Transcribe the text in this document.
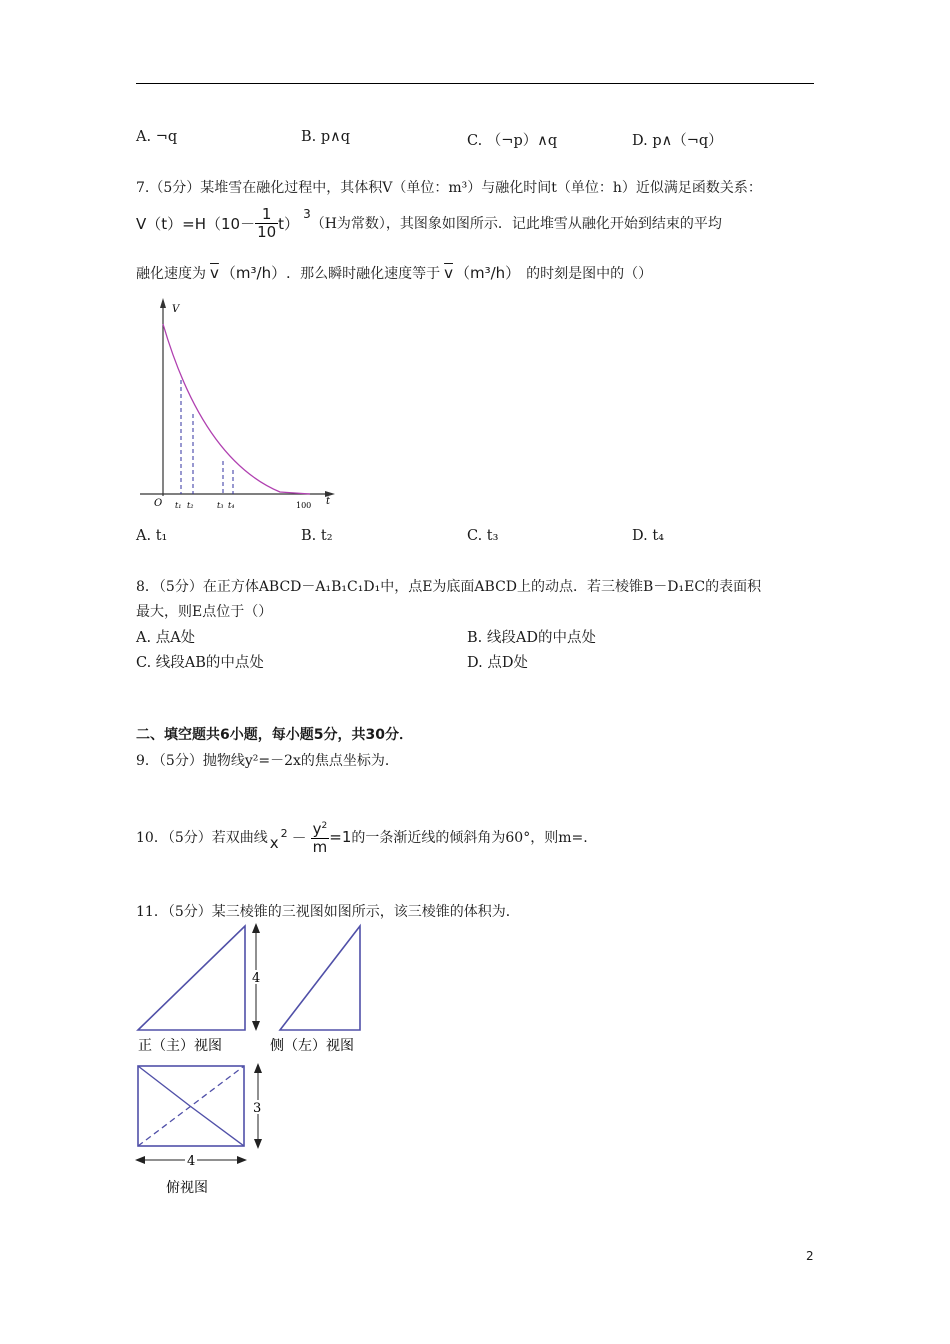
A. ¬q	B. p∧q	C. （¬p）∧q	D. p∧（¬q）
7.（5分）某堆雪在融化过程中，其体积V（单位：m³）与融化时间t（单位：h）近似满足函数关系：
$V(t)=H(10- \frac{1}{10} t)$
3
（H为常数），其图象如图所示．记此堆雪从融化开始到结束的平均
融化速度为 $\overline{v}$ （m³/h） ．那么瞬时融化速度等于 $\overline{v}$ （m³/h） 的时刻是图中的（）
V
t
O t₁ t₂	t₃ t₄	100
A. t₁	B. t₂	C. t₃	D. t₄
8．（5分）在正方体ABCD－A₁B₁C₁D₁中，点E为底面ABCD上的动点．若三棱锥B－D₁EC的表面积
最大，则E点位于（）
A. 点A处	B. 线段AD的中点处
C. 线段AB的中点处	D. 点D处
二、填空题共6小题，每小题5分，共30分．
9．（5分）抛物线y²=－2x的焦点坐标为．
10．（5分）若双曲线 x
$2 - \frac{y^2}{m} =1$ 的一条渐近线的倾斜角为60°，则m=.
11．（5分）某三棱锥的三视图如图所示，该三棱锥的体积为．
4
正（主）视图	侧（左）视图
3
4
俯视图
2
